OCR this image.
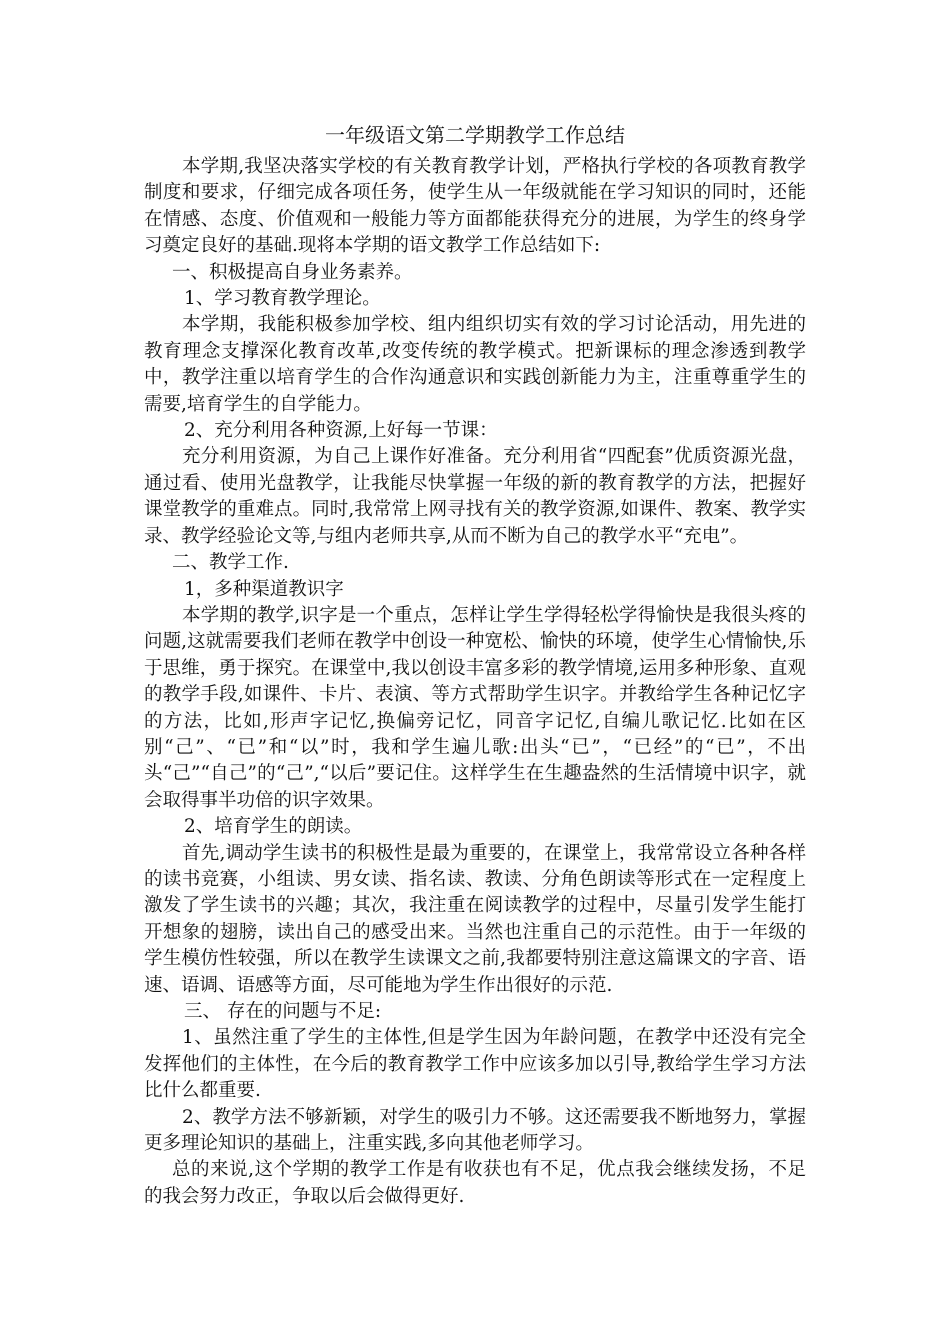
一年级语文第二学期教学工作总结

本学期,我坚决落实学校的有关教育教学计划，严格执行学校的各项教育教学制度和要求，仔细完成各项任务，使学生从一年级就能在学习知识的同时，还能在情感、态度、价值观和一般能力等方面都能获得充分的进展，为学生的终身学习奠定良好的基础.现将本学期的语文教学工作总结如下:

一、积极提高自身业务素养。

1、学习教育教学理论。

本学期，我能积极参加学校、组内组织切实有效的学习讨论活动，用先进的教育理念支撑深化教育改革,改变传统的教学模式。把新课标的理念渗透到教学中，教学注重以培育学生的合作沟通意识和实践创新能力为主，注重尊重学生的需要,培育学生的自学能力。

2、充分利用各种资源,上好每一节课：

充分利用资源，为自己上课作好准备。充分利用省“四配套”优质资源光盘，通过看、使用光盘教学，让我能尽快掌握一年级的新的教育教学的方法，把握好课堂教学的重难点。同时,我常常上网寻找有关的教学资源,如课件、教案、教学实录、教学经验论文等,与组内老师共享,从而不断为自己的教学水平“充电”。

二、教学工作.

1，多种渠道教识字

本学期的教学,识字是一个重点，怎样让学生学得轻松学得愉快是我很头疼的问题,这就需要我们老师在教学中创设一种宽松、愉快的环境，使学生心情愉快,乐于思维，勇于探究。在课堂中,我以创设丰富多彩的教学情境,运用多种形象、直观的教学手段,如课件、卡片、表演、等方式帮助学生识字。并教给学生各种记忆字的方法，比如,形声字记忆,换偏旁记忆，同音字记忆,自编儿歌记忆.比如在区别“己”、“已”和“以”时，我和学生遍儿歌:出头“已”，“已经”的“已”，不出头“己”“自己”的“己”,“以后”要记住。这样学生在生趣盎然的生活情境中识字，就会取得事半功倍的识字效果。

2、培育学生的朗读。

首先,调动学生读书的积极性是最为重要的，在课堂上，我常常设立各种各样的读书竞赛，小组读、男女读、指名读、教读、分角色朗读等形式在一定程度上激发了学生读书的兴趣；其次，我注重在阅读教学的过程中，尽量引发学生能打开想象的翅膀，读出自己的感受出来。当然也注重自己的示范性。由于一年级的学生模仿性较强，所以在教学生读课文之前,我都要特别注意这篇课文的字音、语速、语调、语感等方面，尽可能地为学生作出很好的示范.

三、 存在的问题与不足:

1、虽然注重了学生的主体性,但是学生因为年龄问题，在教学中还没有完全发挥他们的主体性，在今后的教育教学工作中应该多加以引导,教给学生学习方法比什么都重要.

2、教学方法不够新颖，对学生的吸引力不够。这还需要我不断地努力，掌握更多理论知识的基础上，注重实践,多向其他老师学习。

总的来说,这个学期的教学工作是有收获也有不足，优点我会继续发扬，不足的我会努力改正，争取以后会做得更好.
